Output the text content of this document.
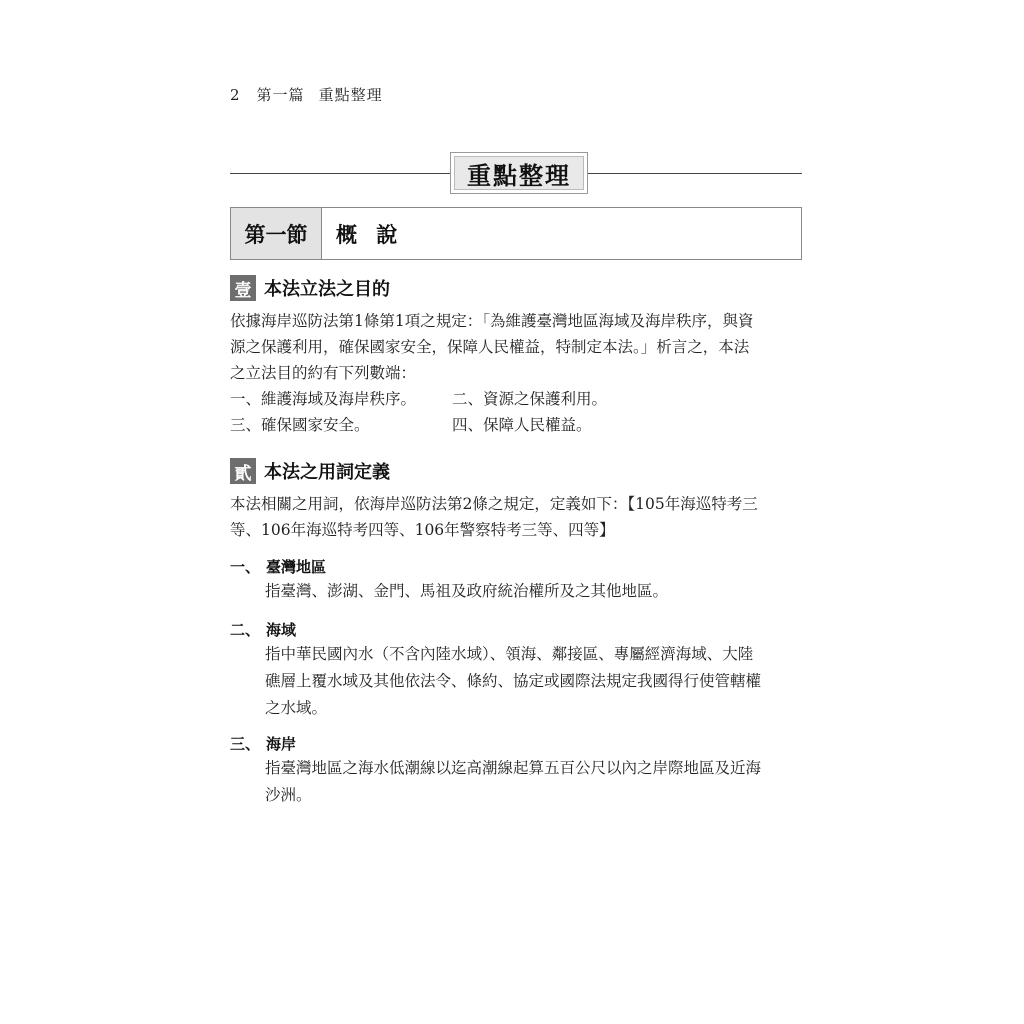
2 第一篇 重點整理
重點整理
第一節	概 說
壹 本法立法之目的
依據海岸巡防法第1條第1項之規定：「為維護臺灣地區海域及海岸秩序，與資
源之保護利用，確保國家安全，保障人民權益，特制定本法。」析言之，本法
之立法目的約有下列數端：
一、維護海域及海岸秩序。 二、資源之保護利用。
三、確保國家安全。	四、保障人民權益。
貳 本法之用詞定義
本法相關之用詞，依海岸巡防法第2條之規定，定義如下：【105年海巡特考三
等、106年海巡特考四等、106年警察特考三等、四等】
一、 臺灣地區
指臺灣、澎湖、金門、馬祖及政府統治權所及之其他地區。
二、 海域
指中華民國內水（不含內陸水域）、領海、鄰接區、專屬經濟海域、大陸
礁層上覆水域及其他依法令、條約、協定或國際法規定我國得行使管轄權
之水域。
三、 海岸
指臺灣地區之海水低潮線以迄高潮線起算五百公尺以內之岸際地區及近海
沙洲。
